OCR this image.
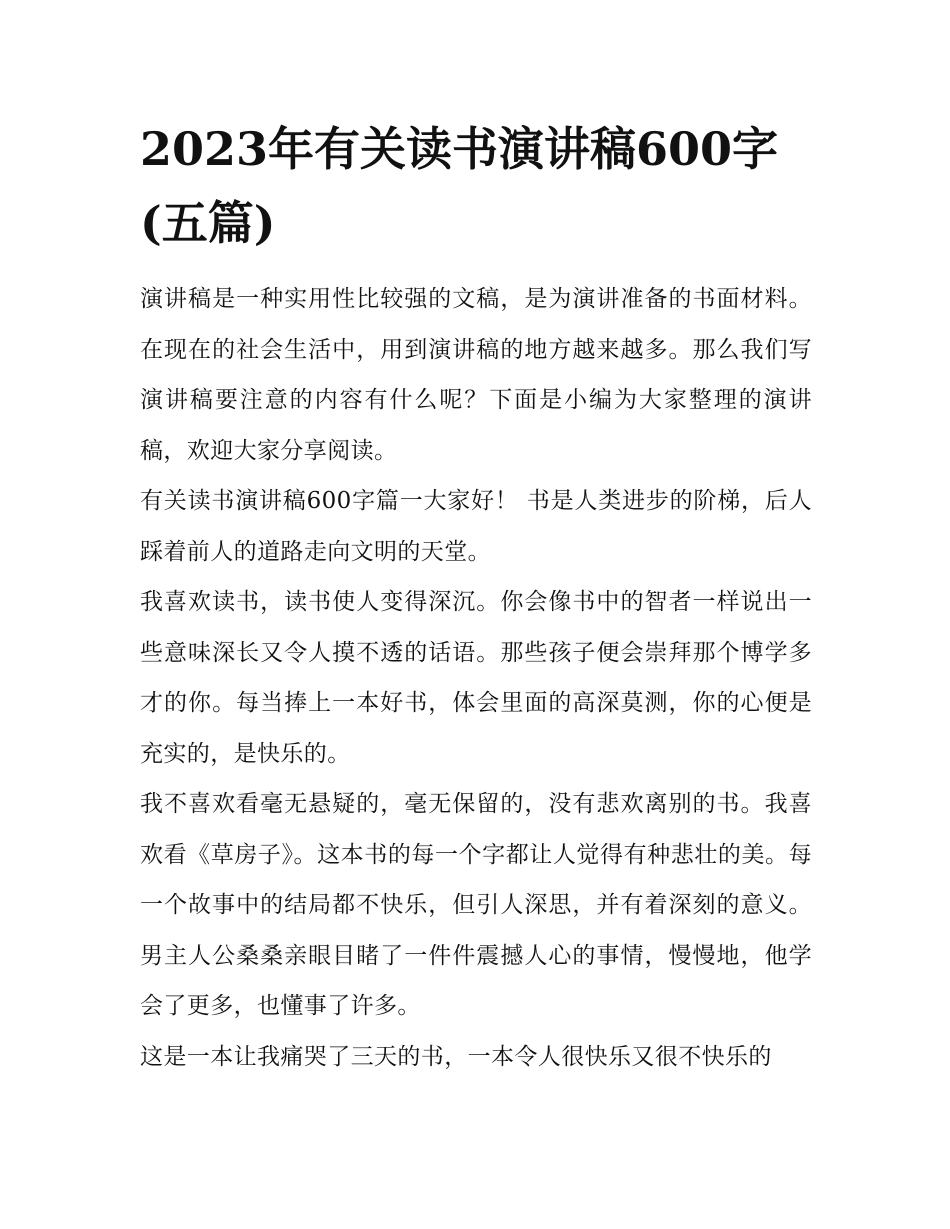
2023年有关读书演讲稿600字(五篇)

演讲稿是一种实用性比较强的文稿，是为演讲准备的书面材料。在现在的社会生活中，用到演讲稿的地方越来越多。那么我们写演讲稿要注意的内容有什么呢？下面是小编为大家整理的演讲稿，欢迎大家分享阅读。

有关读书演讲稿600字篇一大家好！ 书是人类进步的阶梯，后人踩着前人的道路走向文明的天堂。

我喜欢读书，读书使人变得深沉。你会像书中的智者一样说出一些意味深长又令人摸不透的话语。那些孩子便会崇拜那个博学多才的你。每当捧上一本好书，体会里面的高深莫测，你的心便是充实的，是快乐的。

我不喜欢看毫无悬疑的，毫无保留的，没有悲欢离别的书。我喜欢看《草房子》。这本书的每一个字都让人觉得有种悲壮的美。每一个故事中的结局都不快乐，但引人深思，并有着深刻的意义。男主人公桑桑亲眼目睹了一件件震撼人心的事情，慢慢地，他学会了更多，也懂事了许多。

这是一本让我痛哭了三天的书，一本令人很快乐又很不快乐的
